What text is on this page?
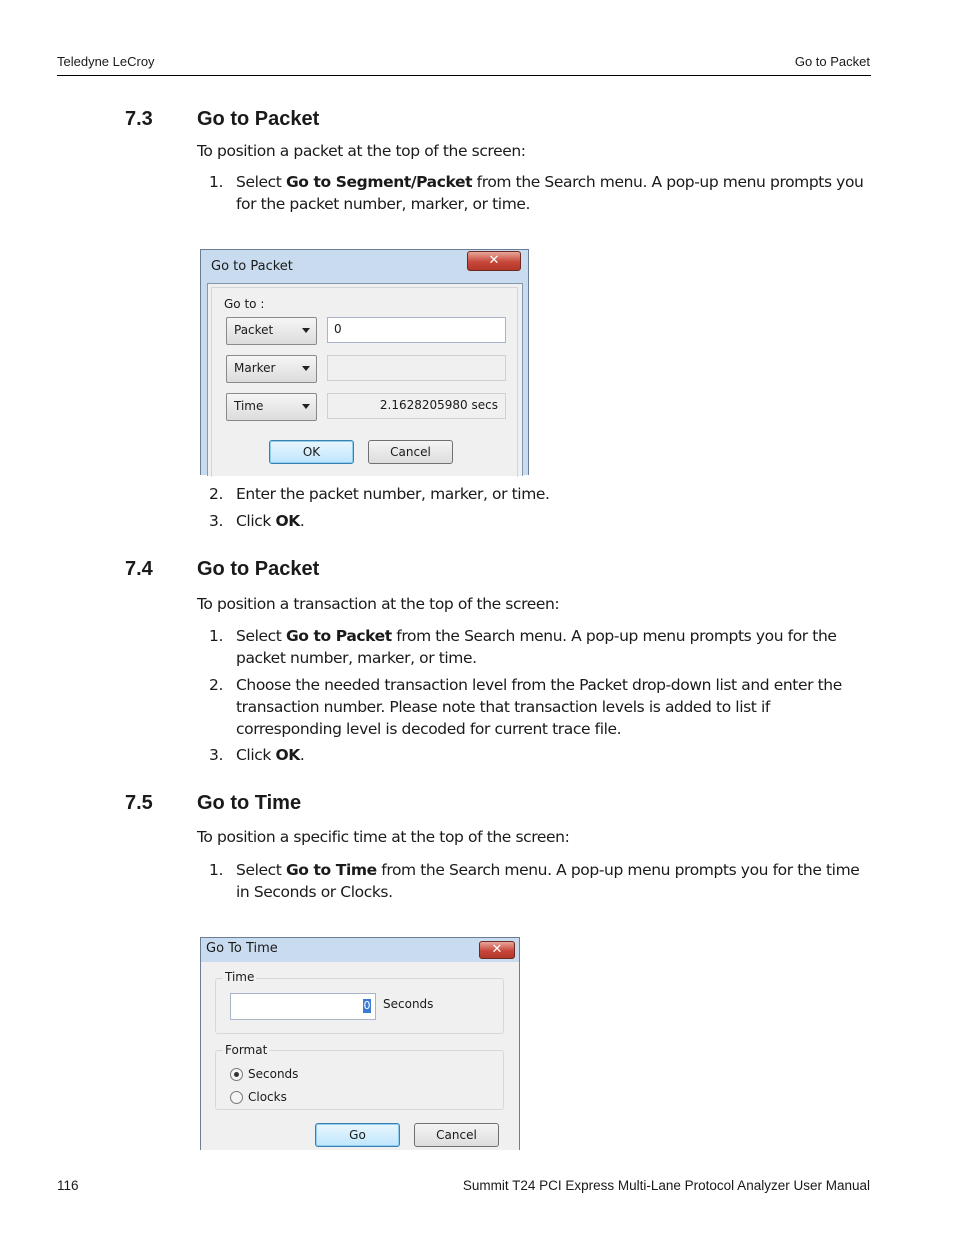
Teledyne LeCroy	Go to Packet
7.3 Go to Packet
To position a packet at the top of the screen:
1. Select Go to Segment/Packet from the Search menu. A pop-up menu prompts you for the packet number, marker, or time.
Go to Packet	✕
Go to :
Packet	0
Marker
Time	2.1628205980 secs
OK	Cancel
2. Enter the packet number, marker, or time.
3. Click OK.
7.4 Go to Packet
To position a transaction at the top of the screen:
1. Select Go to Packet from the Search menu. A pop-up menu prompts you for the packet number, marker, or time.
2. Choose the needed transaction level from the Packet drop-down list and enter the transaction number. Please note that transaction levels is added to list if corresponding level is decoded for current trace file.
3. Click OK.
7.5 Go to Time
To position a specific time at the top of the screen:
1. Select Go to Time from the Search menu. A pop-up menu prompts you for the time in Seconds or Clocks.
Go To Time	✕
Time
0	Seconds
Format
Seconds
Clocks
Go	Cancel
116	Summit T24 PCI Express Multi-Lane Protocol Analyzer User Manual
